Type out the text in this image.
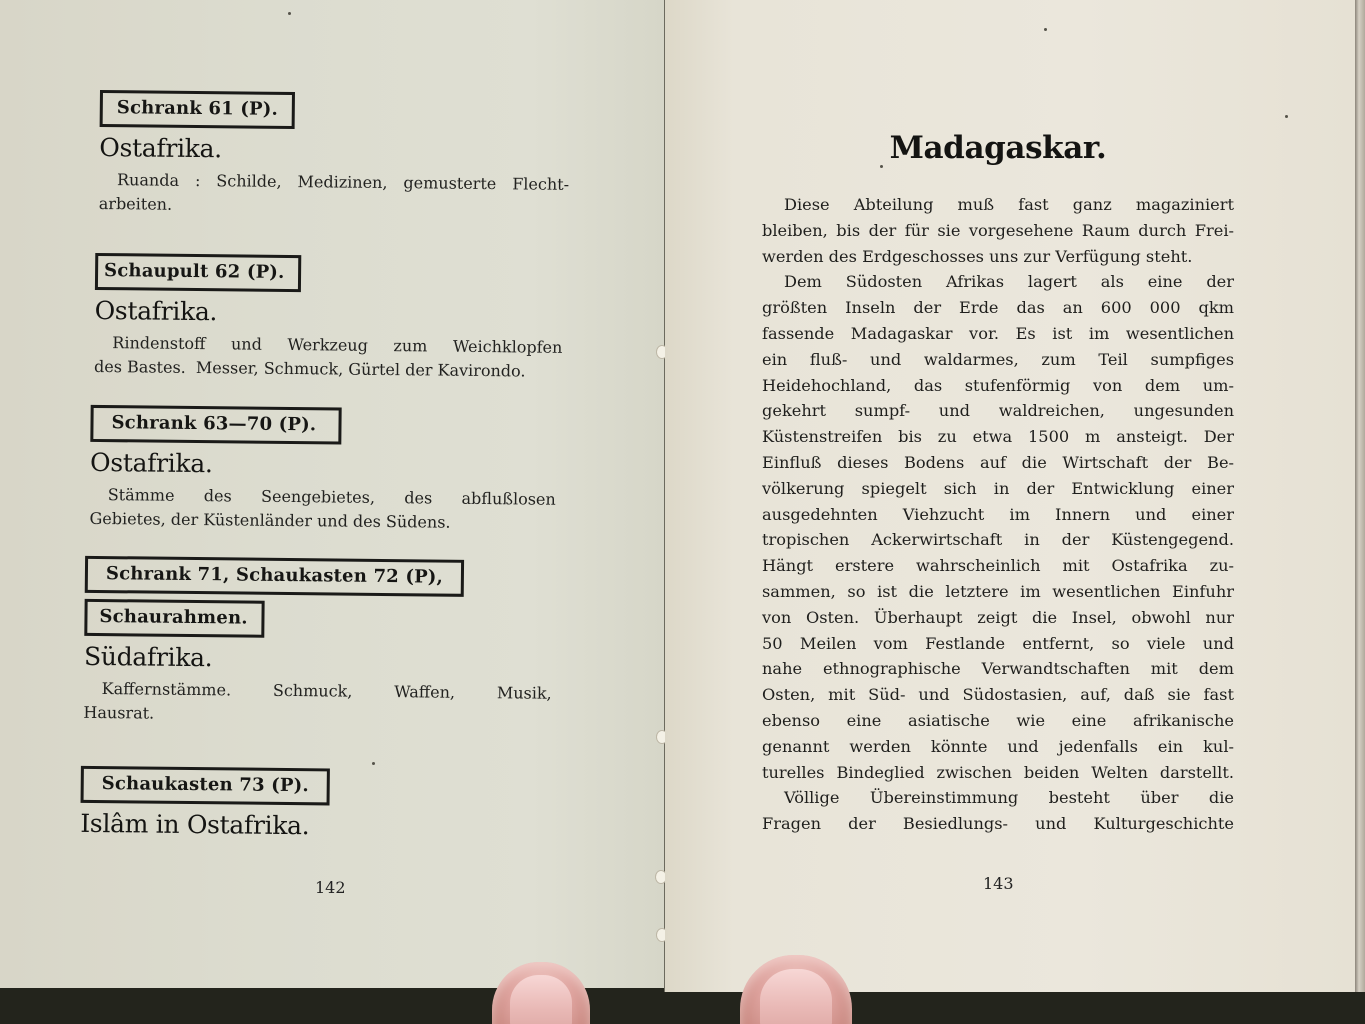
Schrank 61 (P).
Ostafrika.
Ruanda : Schilde, Medizinen, gemusterte Flecht-
arbeiten.
Schaupult 62 (P).
Ostafrika.
Rindenstoff und Werkzeug zum Weichklopfen
des Bastes.  Messer, Schmuck, Gürtel der Kavirondo.
Schrank 63—70 (P).
Ostafrika.
Stämme des Seengebietes, des abflußlosen
Gebietes, der Küstenländer und des Südens.
Schrank 71, Schaukasten 72 (P),
Schaurahmen.
Südafrika.
Kaffernstämme. Schmuck, Waffen, Musik,
Hausrat.
Schaukasten 73 (P).
Islâm in Ostafrika.
142	143
Madagaskar.
Diese Abteilung muß fast ganz magaziniert
bleiben, bis der für sie vorgesehene Raum durch Frei-
werden des Erdgeschosses uns zur Verfügung steht.
Dem Südosten Afrikas lagert als eine der
größten Inseln der Erde das an 600 000 qkm
fassende Madagaskar vor. Es ist im wesentlichen
ein fluß- und waldarmes, zum Teil sumpfiges
Heidehochland, das stufenförmig von dem um-
gekehrt sumpf- und waldreichen, ungesunden
Küstenstreifen bis zu etwa 1500 m ansteigt. Der
Einfluß dieses Bodens auf die Wirtschaft der Be-
völkerung spiegelt sich in der Entwicklung einer
ausgedehnten Viehzucht im Innern und einer
tropischen Ackerwirtschaft in der Küstengegend.
Hängt erstere wahrscheinlich mit Ostafrika zu-
sammen, so ist die letztere im wesentlichen Einfuhr
von Osten. Überhaupt zeigt die Insel, obwohl nur
50 Meilen vom Festlande entfernt, so viele und
nahe ethnographische Verwandtschaften mit dem
Osten, mit Süd- und Südostasien, auf, daß sie fast
ebenso eine asiatische wie eine afrikanische
genannt werden könnte und jedenfalls ein kul-
turelles Bindeglied zwischen beiden Welten darstellt.
Völlige Übereinstimmung besteht über die
Fragen der Besiedlungs- und Kulturgeschichte
